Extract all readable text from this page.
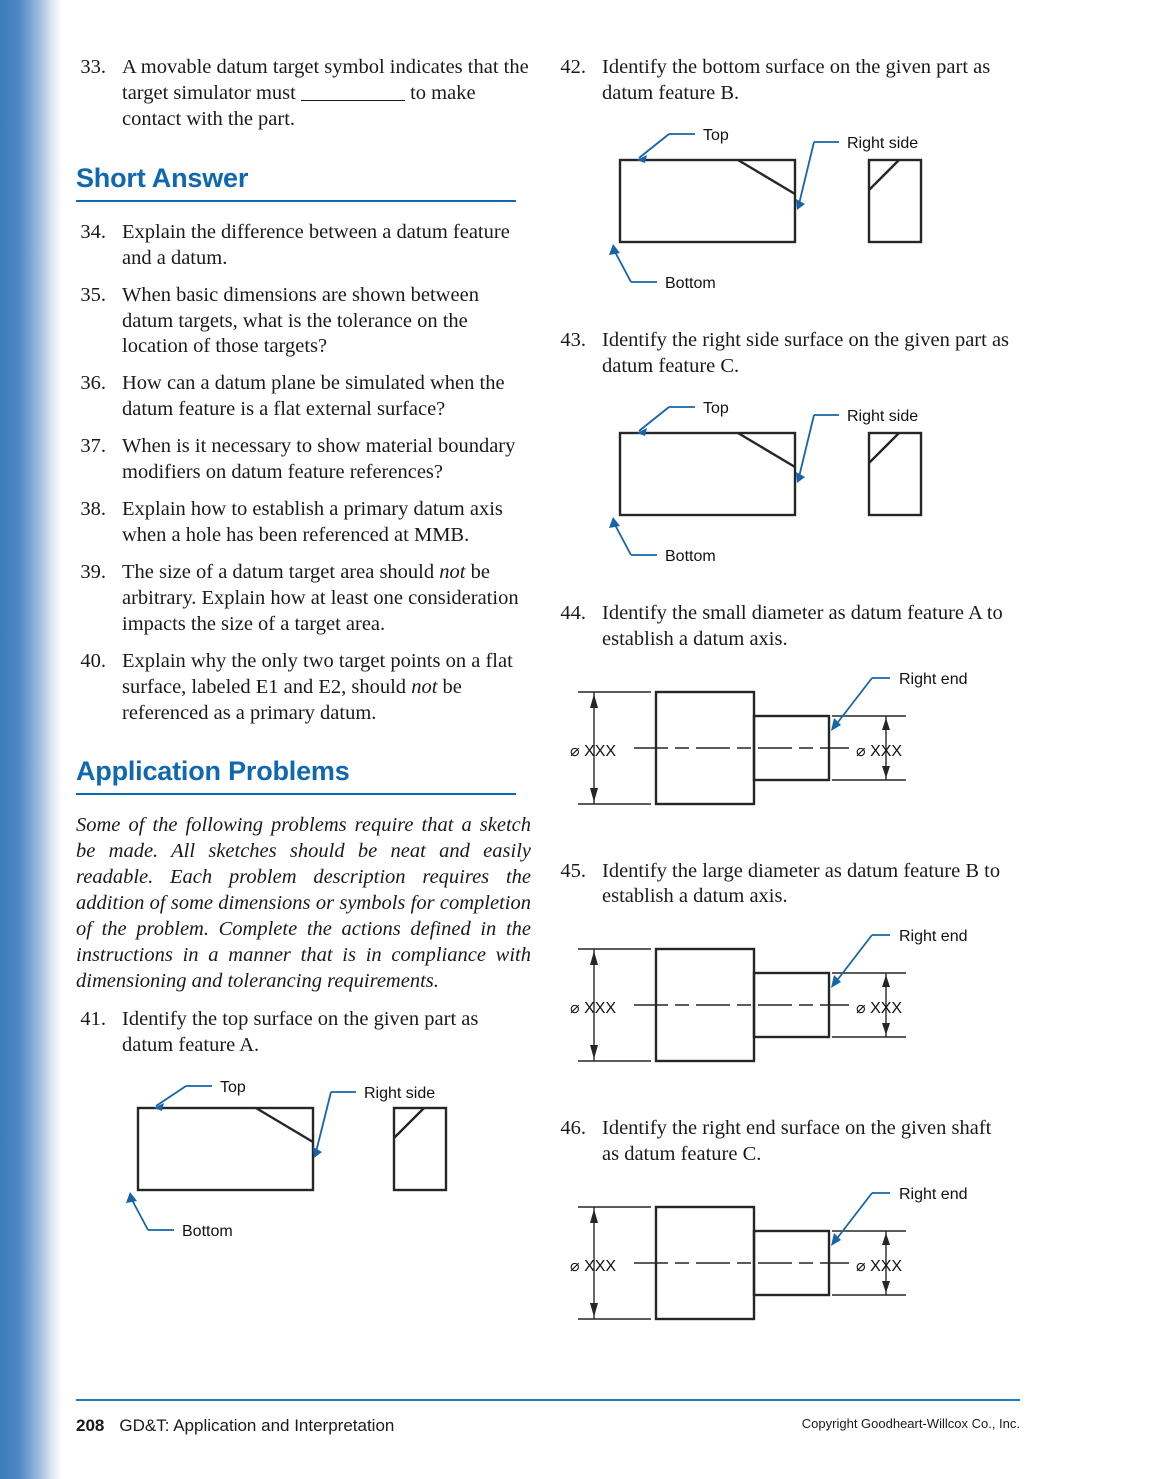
33. A movable datum target symbol indicates that the target simulator must	to make contact with the part.
Short Answer
34. Explain the difference between a datum feature and a datum.
35. When basic dimensions are shown between datum targets, what is the tolerance on the location of those targets?
36. How can a datum plane be simulated when the datum feature is a flat external surface?
37. When is it necessary to show material boundary modifiers on datum feature references?
38. Explain how to establish a primary datum axis when a hole has been referenced at MMB.
39. The size of a datum target area should not be arbitrary. Explain how at least one consideration impacts the size of a target area.
40. Explain why the only two target points on a flat surface, labeled E1 and E2, should not be referenced as a primary datum.
Application Problems

Some of the following problems require that a sketch be made. All sketches should be neat and easily readable. Each problem description requires the addition of some dimensions or symbols for completion of the problem. Complete the actions defined in the instructions in a manner that is in compliance with dimensioning and tolerancing requirements.

41. Identify the top surface on the given part as datum feature A.
Top
Bottom
Right side
42. Identify the bottom surface on the given part as datum feature B.
Top
Bottom
Right side
43. Identify the right side surface on the given part as datum feature C.
Top
Bottom
Right side
44. Identify the small diameter as datum feature A to establish a datum axis.
⌀ XXX	⌀ XXX
Right end
45. Identify the large diameter as datum feature B to establish a datum axis.
⌀ XXX	⌀ XXX
Right end
46. Identify the right end surface on the given shaft as datum feature C.
⌀ XXX	⌀ XXX
Right end
208 GD&T: Application and Interpretation	Copyright Goodheart-Willcox Co., Inc.
